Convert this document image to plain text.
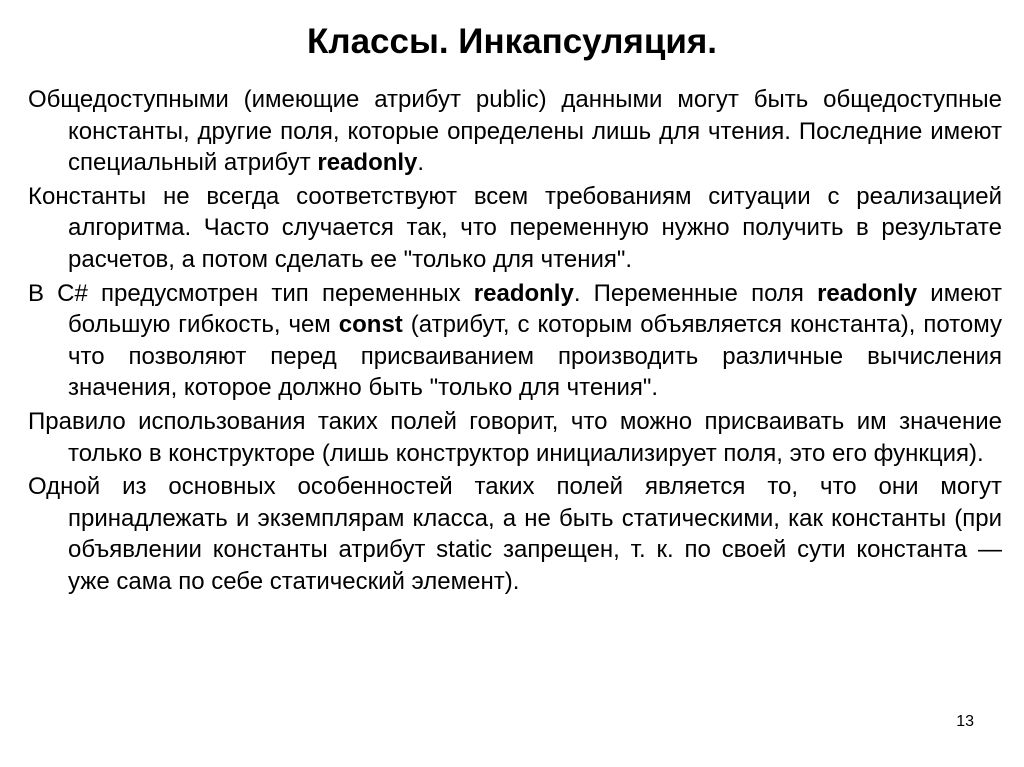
Классы. Инкапсуляция.

Общедоступными (имеющие атрибут public) данными могут быть общедоступные константы, другие поля, которые определены лишь для чтения. Последние имеют специальный атрибут readonly.

Константы не всегда соответствуют всем требованиям ситуации с реализацией алгоритма. Часто случается так, что переменную нужно получить в результате расчетов, а потом сделать ее "только для чтения".

В C# предусмотрен тип переменных readonly. Переменные поля readonly имеют большую гибкость, чем const (атрибут, с которым объявляется константа), потому что позволяют перед присваиванием производить различные вычисления значения, которое должно быть "только для чтения".

Правило использования таких полей говорит, что можно присваивать им значение только в конструкторе (лишь конструктор инициализирует поля, это его функция).

Одной из основных особенностей таких полей является то, что они могут принадлежать и экземплярам класса, а не быть статическими, как константы (при объявлении константы атрибут static запрещен, т. к. по своей сути константа — уже сама по себе статический элемент).

13
